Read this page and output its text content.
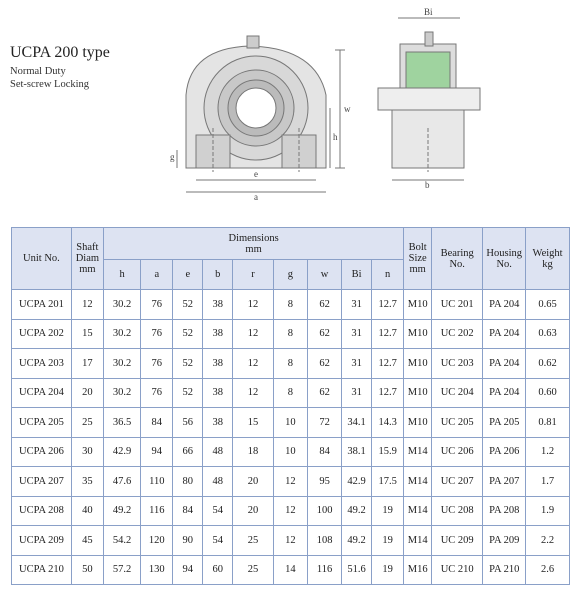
UCPA 200 type
Normal Duty
Set-screw Locking
Bi
w
h
g
a
e
b
Unit No.	Shaft Diam mm	Dimensions
mm									Bolt Size mm	Bearing No.	Housing No.	Weight kg
		h	a	e	b	r	g	w	Bi	n				
UCPA 201	12	30.2	76	52	38	12	8	62	31	12.7	M10	UC 201	PA 204	0.65
UCPA 202	15	30.2	76	52	38	12	8	62	31	12.7	M10	UC 202	PA 204	0.63
UCPA 203	17	30.2	76	52	38	12	8	62	31	12.7	M10	UC 203	PA 204	0.62
UCPA 204	20	30.2	76	52	38	12	8	62	31	12.7	M10	UC 204	PA 204	0.60
UCPA 205	25	36.5	84	56	38	15	10	72	34.1	14.3	M10	UC 205	PA 205	0.81
UCPA 206	30	42.9	94	66	48	18	10	84	38.1	15.9	M14	UC 206	PA 206	1.2
UCPA 207	35	47.6	110	80	48	20	12	95	42.9	17.5	M14	UC 207	PA 207	1.7
UCPA 208	40	49.2	116	84	54	20	12	100	49.2	19	M14	UC 208	PA 208	1.9
UCPA 209	45	54.2	120	90	54	25	12	108	49.2	19	M14	UC 209	PA 209	2.2
UCPA 210	50	57.2	130	94	60	25	14	116	51.6	19	M16	UC 210	PA 210	2.6
